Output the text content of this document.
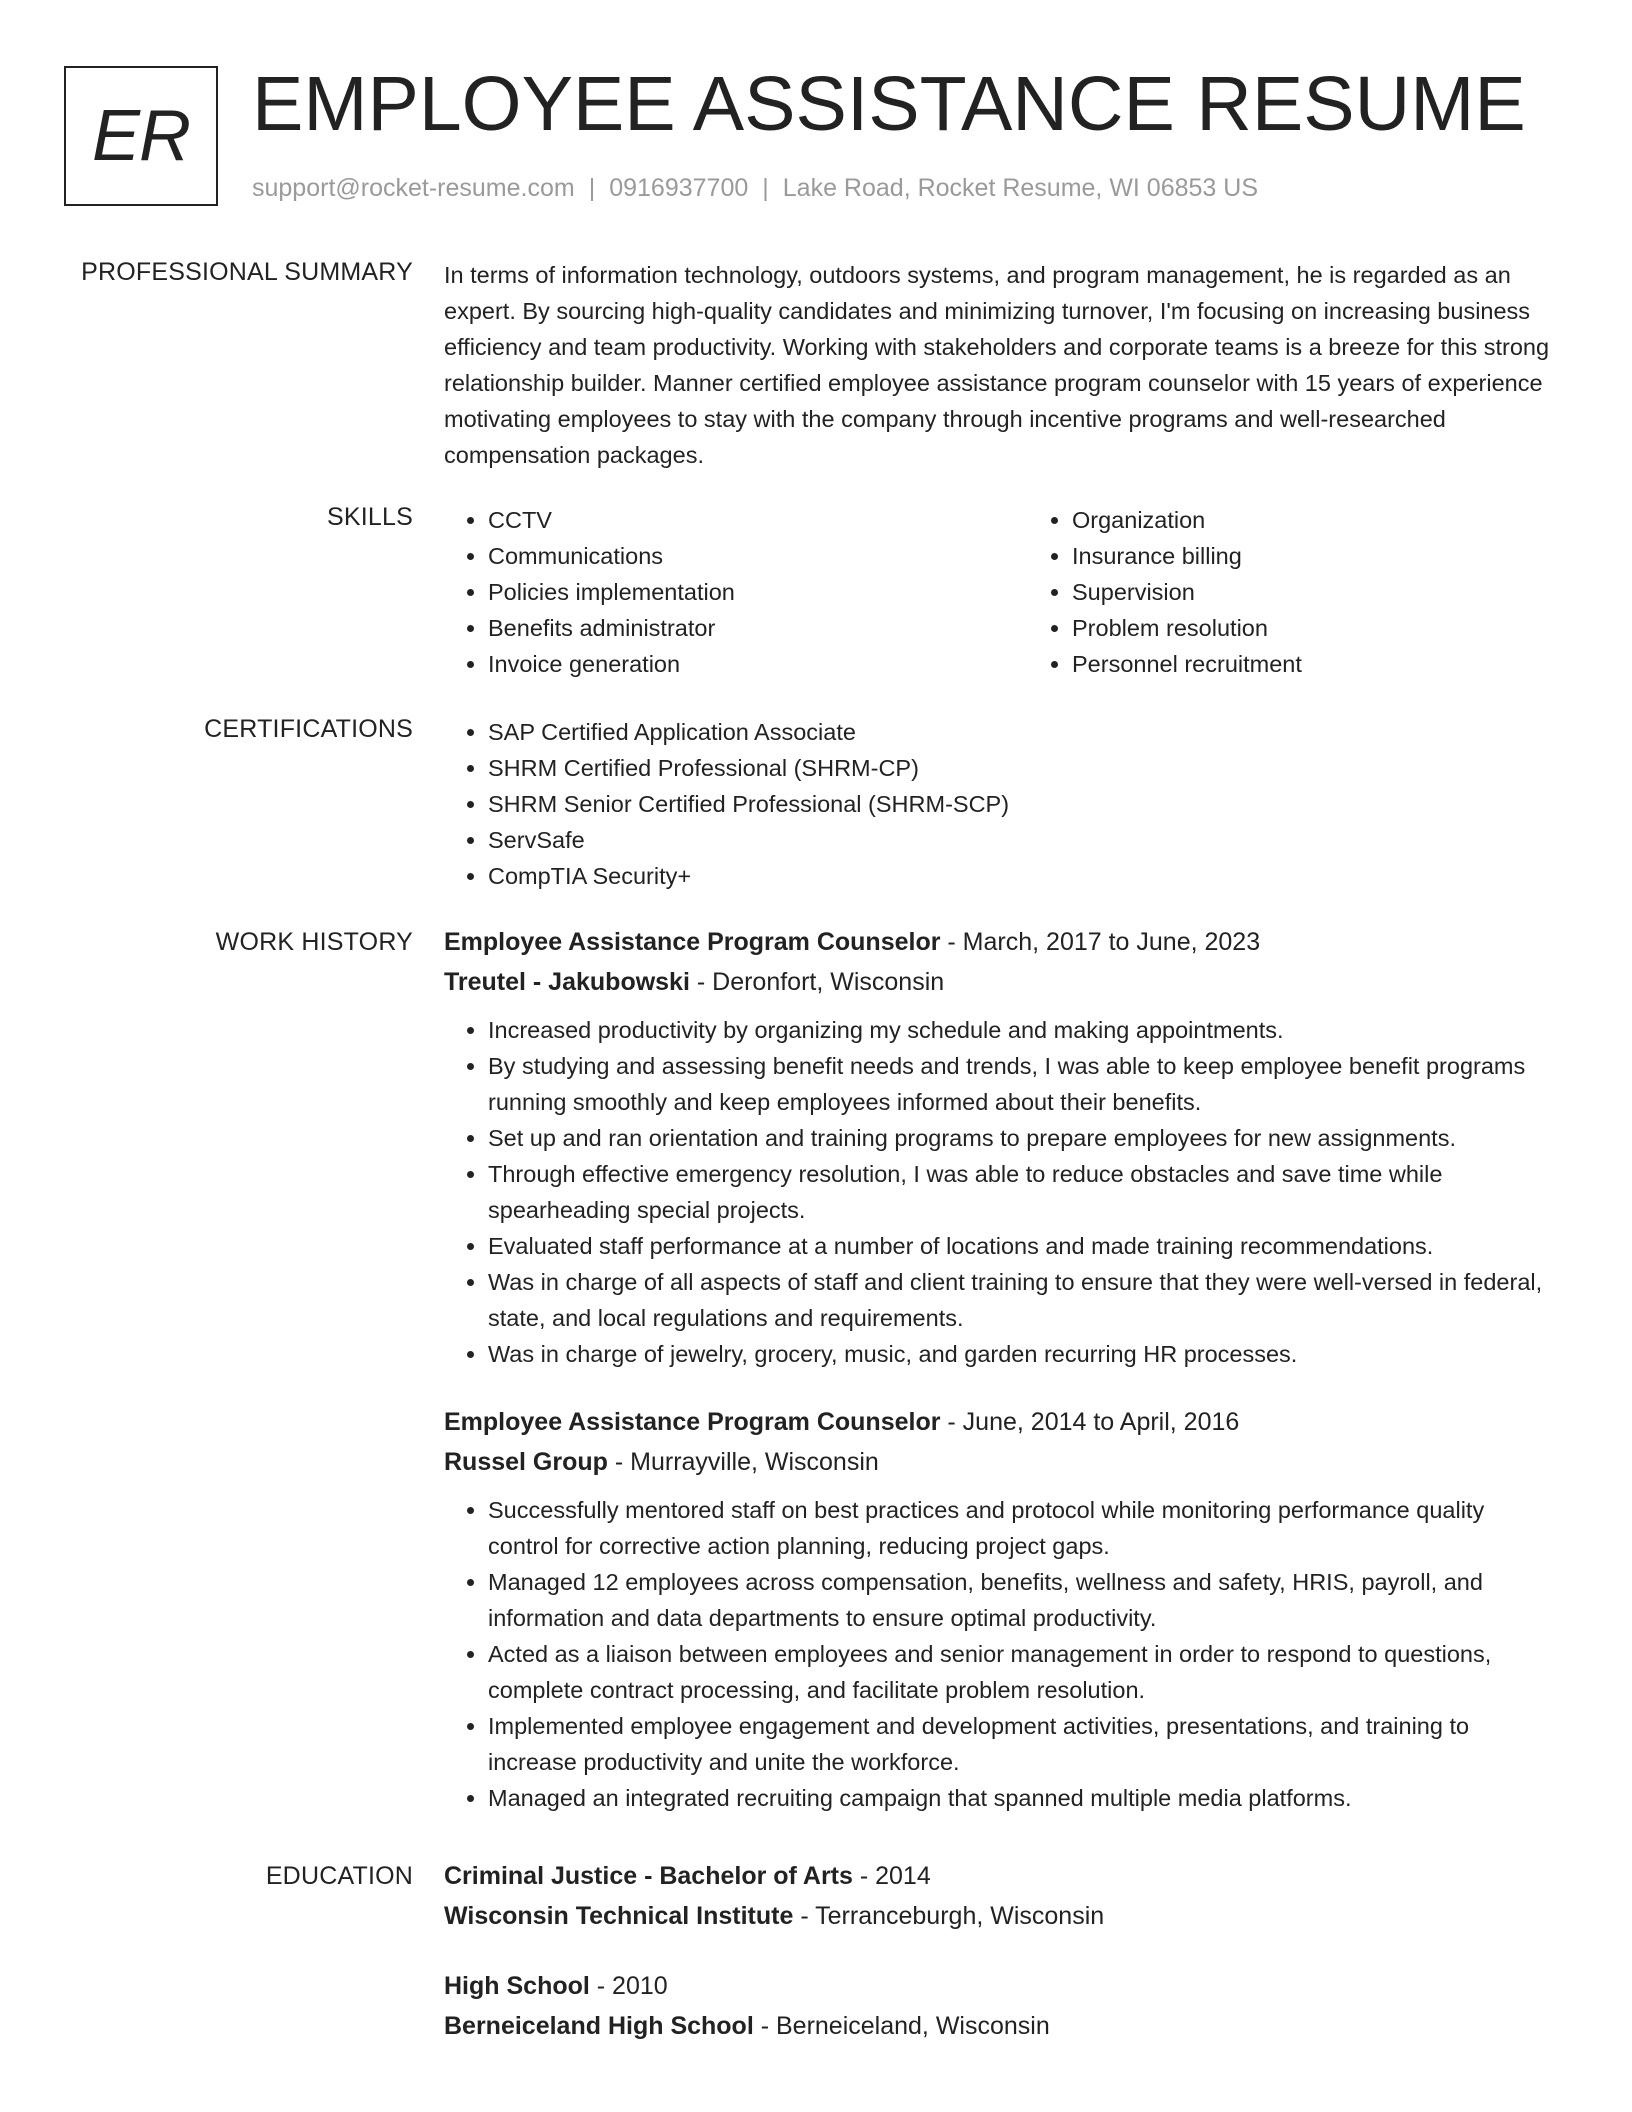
ER EMPLOYEE ASSISTANCE RESUME
support@rocket-resume.com | 0916937700 | Lake Road, Rocket Resume, WI 06853 US
PROFESSIONAL SUMMARY In terms of information technology, outdoors systems, and program management, he is regarded as an expert. By sourcing high-quality candidates and minimizing turnover, I'm focusing on increasing business efficiency and team productivity. Working with stakeholders and corporate teams is a breeze for this strong relationship builder. Manner certified employee assistance program counselor with 15 years of experience motivating employees to stay with the company through incentive programs and well-researched compensation packages.

SKILLS	• CCTV
• Communications
• Policies implementation
• Benefits administrator
• Invoice generation
• Organization
• Insurance billing
• Supervision
• Problem resolution
• Personnel recruitment
CERTIFICATIONS	• SAP Certified Application Associate
• SHRM Certified Professional (SHRM-CP)
• SHRM Senior Certified Professional (SHRM-SCP)
• ServSafe
• CompTIA Security+
WORK HISTORY Employee Assistance Program Counselor - March, 2017 to June, 2023
Treutel - Jakubowski - Deronfort, Wisconsin
• Increased productivity by organizing my schedule and making appointments.
• By studying and assessing benefit needs and trends, I was able to keep employee benefit programs running smoothly and keep employees informed about their benefits.
• Set up and ran orientation and training programs to prepare employees for new assignments.
• Through effective emergency resolution, I was able to reduce obstacles and save time while spearheading special projects.
• Evaluated staff performance at a number of locations and made training recommendations.
• Was in charge of all aspects of staff and client training to ensure that they were well-versed in federal, state, and local regulations and requirements.
• Was in charge of jewelry, grocery, music, and garden recurring HR processes.
Employee Assistance Program Counselor - June, 2014 to April, 2016
Russel Group - Murrayville, Wisconsin
• Successfully mentored staff on best practices and protocol while monitoring performance quality control for corrective action planning, reducing project gaps.
• Managed 12 employees across compensation, benefits, wellness and safety, HRIS, payroll, and information and data departments to ensure optimal productivity.
• Acted as a liaison between employees and senior management in order to respond to questions, complete contract processing, and facilitate problem resolution.
• Implemented employee engagement and development activities, presentations, and training to increase productivity and unite the workforce.
• Managed an integrated recruiting campaign that spanned multiple media platforms.
EDUCATION Criminal Justice - Bachelor of Arts - 2014
Wisconsin Technical Institute - Terranceburgh, Wisconsin
High School - 2010
Berneiceland High School - Berneiceland, Wisconsin
